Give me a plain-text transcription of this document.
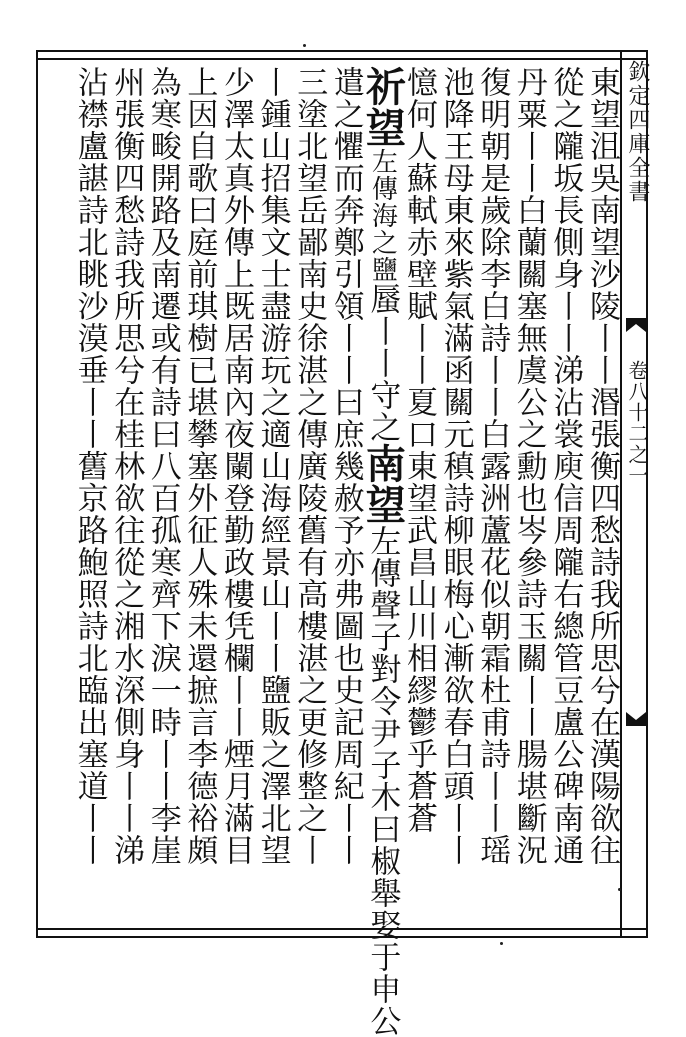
欽定四庫全書
卷八十二之一
東望沮吳南望沙陵丨丨湣張衡四愁詩我所思兮在漢陽欲往
從之隴坂長側身丨丨涕沾裳庾信周隴右總管豆盧公碑南通
丹粟丨丨白蘭關塞無虞公之勳也岑參詩玉關丨丨腸堪斷況
復明朝是歲除李白詩丨丨白露洲蘆花似朝霜杜甫詩丨丨瑶
池降王母東來紫氣滿函關元稹詩柳眼梅心漸欲春白頭丨丨
憶何人蘇軾赤壁賦丨丨夏口東望武昌山川相繆鬱乎蒼蒼
祈望左傳海之鹽蜃丨丨守之南望左傳聲子對令尹子木曰椒舉娶于申公
遣之懼而奔鄭引領丨丨曰庶幾赦予亦弗圖也史記周紀丨丨
三塗北望岳鄙南史徐湛之傳廣陵舊有高樓湛之更修整之丨
丨鍾山招集文士盡游玩之適山海經景山丨丨鹽販之澤北望
少澤太真外傳上既居南內夜闌登勤政樓凭欄丨丨煙月滿目
上因自歌曰庭前琪樹已堪攀塞外征人殊未還摭言李德裕頗
為寒畯開路及南遷或有詩曰八百孤寒齊下淚一時丨丨李崖
州張衡四愁詩我所思兮在桂林欲往從之湘水深側身丨丨涕
沾襟盧諶詩北眺沙漠垂丨丨舊京路鮑照詩北臨出塞道丨丨
